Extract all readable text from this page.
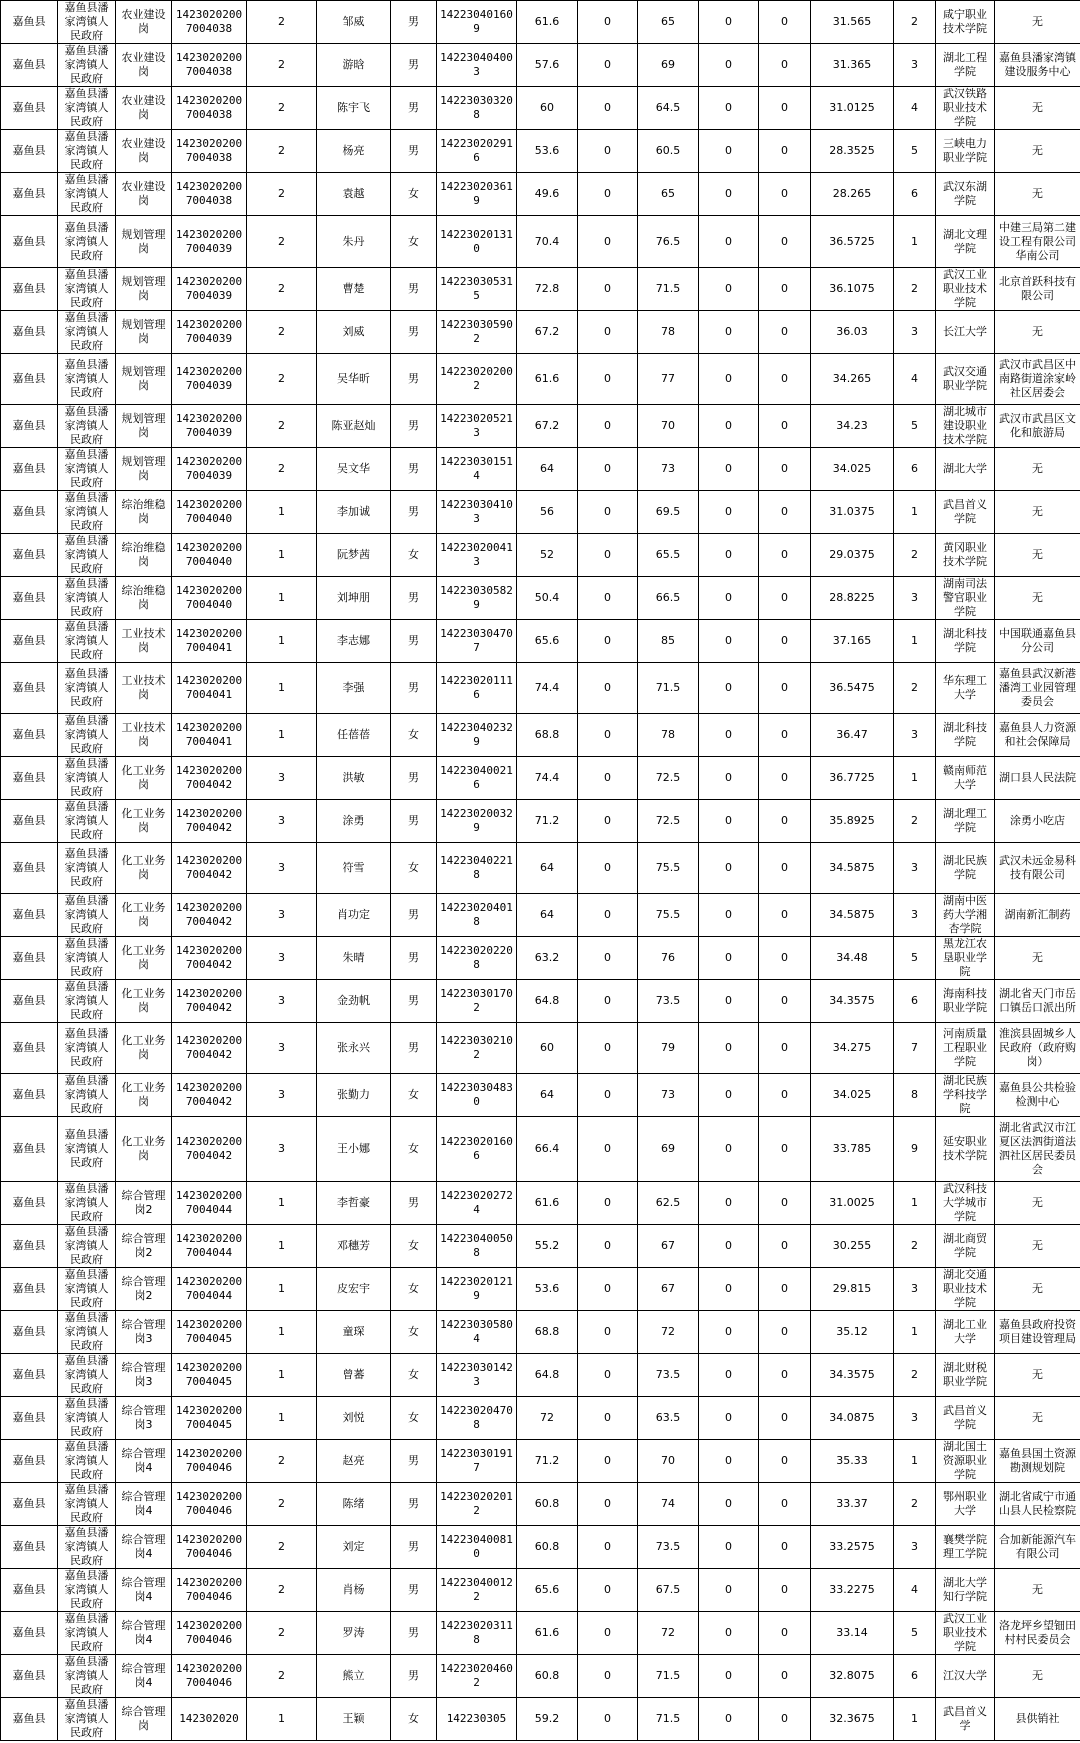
嘉鱼县	嘉鱼县潘家湾镇人民政府	农业建设岗	14230202007004038	2	邹威	男	142230401609	61.6	0	65	0	0	31.565	2	咸宁职业技术学院	无
嘉鱼县	嘉鱼县潘家湾镇人民政府	农业建设岗	14230202007004038	2	游晗	男	142230404003	57.6	0	69	0	0	31.365	3	湖北工程学院	嘉鱼县潘家湾镇建设服务中心
嘉鱼县	嘉鱼县潘家湾镇人民政府	农业建设岗	14230202007004038	2	陈宇飞	男	142230303208	60	0	64.5	0	0	31.0125	4	武汉铁路职业技术学院	无
嘉鱼县	嘉鱼县潘家湾镇人民政府	农业建设岗	14230202007004038	2	杨亮	男	142230202916	53.6	0	60.5	0	0	28.3525	5	三峡电力职业学院	无
嘉鱼县	嘉鱼县潘家湾镇人民政府	农业建设岗	14230202007004038	2	袁越	女	142230203619	49.6	0	65	0	0	28.265	6	武汉东湖学院	无
嘉鱼县	嘉鱼县潘家湾镇人民政府	规划管理岗	14230202007004039	2	朱丹	女	142230201310	70.4	0	76.5	0	0	36.5725	1	湖北文理学院	中建三局第二建设工程有限公司华南公司
嘉鱼县	嘉鱼县潘家湾镇人民政府	规划管理岗	14230202007004039	2	曹楚	男	142230305315	72.8	0	71.5	0	0	36.1075	2	武汉工业职业技术学院	北京首跃科技有限公司
嘉鱼县	嘉鱼县潘家湾镇人民政府	规划管理岗	14230202007004039	2	刘威	男	142230305902	67.2	0	78	0	0	36.03	3	长江大学	无
嘉鱼县	嘉鱼县潘家湾镇人民政府	规划管理岗	14230202007004039	2	吴华昕	男	142230202002	61.6	0	77	0	0	34.265	4	武汉交通职业学院	武汉市武昌区中南路街道涂家岭社区居委会
嘉鱼县	嘉鱼县潘家湾镇人民政府	规划管理岗	14230202007004039	2	陈亚赵灿	男	142230205213	67.2	0	70	0	0	34.23	5	湖北城市建设职业技术学院	武汉市武昌区文化和旅游局
嘉鱼县	嘉鱼县潘家湾镇人民政府	规划管理岗	14230202007004039	2	吴文华	男	142230301514	64	0	73	0	0	34.025	6	湖北大学	无
嘉鱼县	嘉鱼县潘家湾镇人民政府	综治维稳岗	14230202007004040	1	李加诚	男	142230304103	56	0	69.5	0	0	31.0375	1	武昌首义学院	无
嘉鱼县	嘉鱼县潘家湾镇人民政府	综治维稳岗	14230202007004040	1	阮梦茜	女	142230200413	52	0	65.5	0	0	29.0375	2	黄冈职业技术学院	无
嘉鱼县	嘉鱼县潘家湾镇人民政府	综治维稳岗	14230202007004040	1	刘坤朋	男	142230305829	50.4	0	66.5	0	0	28.8225	3	湖南司法警官职业学院	无
嘉鱼县	嘉鱼县潘家湾镇人民政府	工业技术岗	14230202007004041	1	李志娜	男	142230304707	65.6	0	85	0	0	37.165	1	湖北科技学院	中国联通嘉鱼县分公司
嘉鱼县	嘉鱼县潘家湾镇人民政府	工业技术岗	14230202007004041	1	李强	男	142230201116	74.4	0	71.5	0	0	36.5475	2	华东理工大学	嘉鱼县武汉新港潘湾工业园管理委员会
嘉鱼县	嘉鱼县潘家湾镇人民政府	工业技术岗	14230202007004041	1	任蓓蓓	女	142230402329	68.8	0	78	0	0	36.47	3	湖北科技学院	嘉鱼县人力资源和社会保障局
嘉鱼县	嘉鱼县潘家湾镇人民政府	化工业务岗	14230202007004042	3	洪敏	男	142230400216	74.4	0	72.5	0	0	36.7725	1	赣南师范大学	湖口县人民法院
嘉鱼县	嘉鱼县潘家湾镇人民政府	化工业务岗	14230202007004042	3	涂勇	男	142230200329	71.2	0	72.5	0	0	35.8925	2	湖北理工学院	涂勇小吃店
嘉鱼县	嘉鱼县潘家湾镇人民政府	化工业务岗	14230202007004042	3	符雪	女	142230402218	64	0	75.5	0	0	34.5875	3	湖北民族学院	武汉未远金易科技有限公司
嘉鱼县	嘉鱼县潘家湾镇人民政府	化工业务岗	14230202007004042	3	肖功定	男	142230204018	64	0	75.5	0	0	34.5875	3	湖南中医药大学湘杏学院	湖南新汇制药
嘉鱼县	嘉鱼县潘家湾镇人民政府	化工业务岗	14230202007004042	3	朱晴	男	142230202208	63.2	0	76	0	0	34.48	5	黑龙江农垦职业学院	无
嘉鱼县	嘉鱼县潘家湾镇人民政府	化工业务岗	14230202007004042	3	金劲帆	男	142230301702	64.8	0	73.5	0	0	34.3575	6	海南科技职业学院	湖北省天门市岳口镇岳口派出所
嘉鱼县	嘉鱼县潘家湾镇人民政府	化工业务岗	14230202007004042	3	张永兴	男	142230302102	60	0	79	0	0	34.275	7	河南质量工程职业学院	淮滨县固城乡人民政府（政府购岗）
嘉鱼县	嘉鱼县潘家湾镇人民政府	化工业务岗	14230202007004042	3	张勤力	女	142230304830	64	0	73	0	0	34.025	8	湖北民族学科技学院	嘉鱼县公共检验检测中心
嘉鱼县	嘉鱼县潘家湾镇人民政府	化工业务岗	14230202007004042	3	王小娜	女	142230201606	66.4	0	69	0	0	33.785	9	延安职业技术学院	湖北省武汉市江夏区法泗街道法泗社区居民委员会
嘉鱼县	嘉鱼县潘家湾镇人民政府	综合管理岗2	14230202007004044	1	李哲豪	男	142230202724	61.6	0	62.5	0	0	31.0025	1	武汉科技大学城市学院	无
嘉鱼县	嘉鱼县潘家湾镇人民政府	综合管理岗2	14230202007004044	1	邓穗芳	女	142230400508	55.2	0	67	0	0	30.255	2	湖北商贸学院	无
嘉鱼县	嘉鱼县潘家湾镇人民政府	综合管理岗2	14230202007004044	1	皮宏宇	女	142230201219	53.6	0	67	0	0	29.815	3	湖北交通职业技术学院	无
嘉鱼县	嘉鱼县潘家湾镇人民政府	综合管理岗3	14230202007004045	1	童琛	女	142230305804	68.8	0	72	0	0	35.12	1	湖北工业大学	嘉鱼县政府投资项目建设管理局
嘉鱼县	嘉鱼县潘家湾镇人民政府	综合管理岗3	14230202007004045	1	曾蕃	女	142230301423	64.8	0	73.5	0	0	34.3575	2	湖北财税职业学院	无
嘉鱼县	嘉鱼县潘家湾镇人民政府	综合管理岗3	14230202007004045	1	刘悦	女	142230204708	72	0	63.5	0	0	34.0875	3	武昌首义学院	无
嘉鱼县	嘉鱼县潘家湾镇人民政府	综合管理岗4	14230202007004046	2	赵亮	男	142230301917	71.2	0	70	0	0	35.33	1	湖北国土资源职业学院	嘉鱼县国土资源勘测规划院
嘉鱼县	嘉鱼县潘家湾镇人民政府	综合管理岗4	14230202007004046	2	陈绪	男	142230202012	60.8	0	74	0	0	33.37	2	鄂州职业大学	湖北省咸宁市通山县人民检察院
嘉鱼县	嘉鱼县潘家湾镇人民政府	综合管理岗4	14230202007004046	2	刘定	男	142230400810	60.8	0	73.5	0	0	33.2575	3	襄樊学院理工学院	合加新能源汽车有限公司
嘉鱼县	嘉鱼县潘家湾镇人民政府	综合管理岗4	14230202007004046	2	肖杨	男	142230400122	65.6	0	67.5	0	0	33.2275	4	湖北大学知行学院	无
嘉鱼县	嘉鱼县潘家湾镇人民政府	综合管理岗4	14230202007004046	2	罗涛	男	142230203118	61.6	0	72	0	0	33.14	5	武汉工业职业技术学院	洛龙坪乡望钿田村村民委员会
嘉鱼县	嘉鱼县潘家湾镇人民政府	综合管理岗4	14230202007004046	2	熊立	男	142230204602	60.8	0	71.5	0	0	32.8075	6	江汉大学	无
嘉鱼县	嘉鱼县潘家湾镇人民政府	综合管理岗	142302020	1	王颖	女	142230305	59.2	0	71.5	0	0	32.3675	1	武昌首义学	县供销社
